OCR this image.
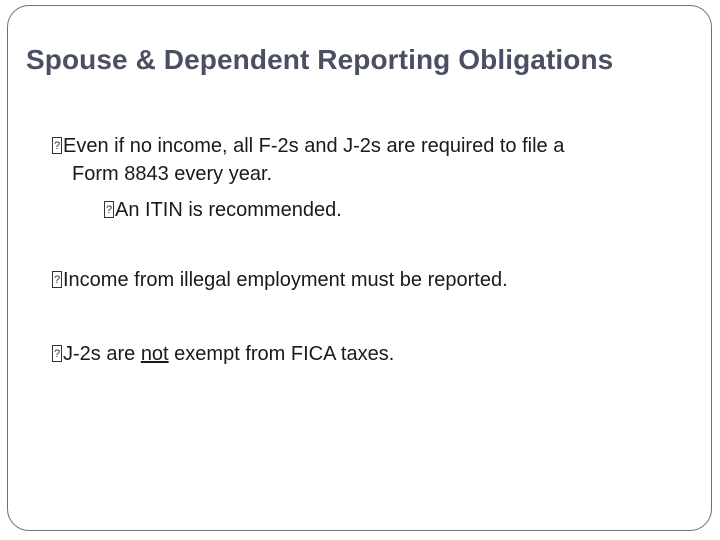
Spouse & Dependent Reporting Obligations
?Even if no income, all F-2s and J-2s are required to file a
Form 8843 every year.
?An ITIN is recommended.
?Income from illegal employment must be reported.
?J-2s are not exempt from FICA taxes.
